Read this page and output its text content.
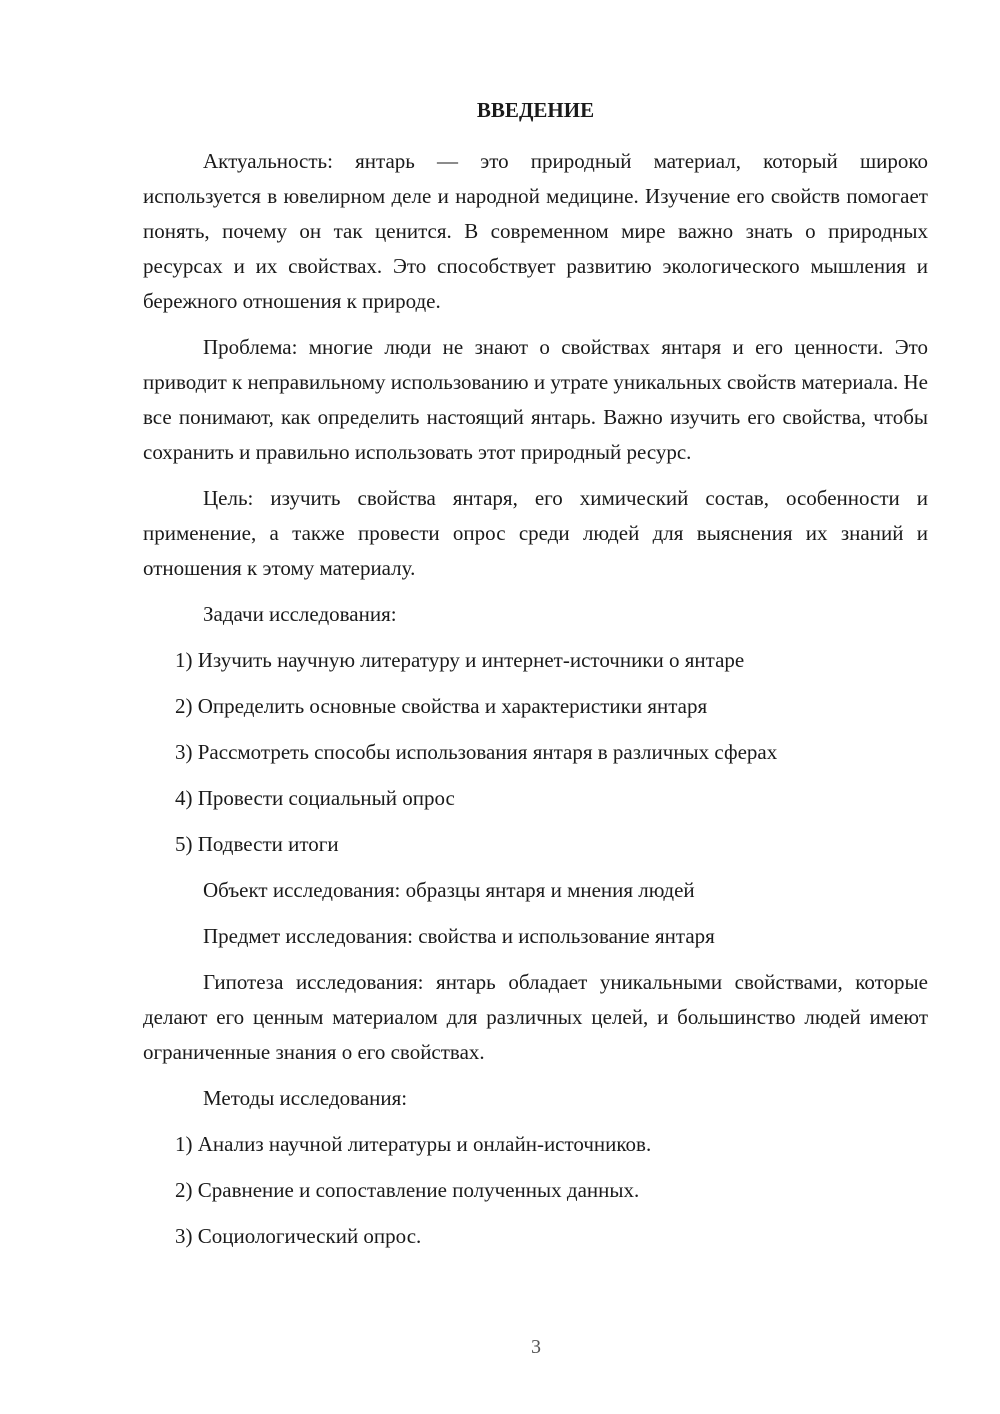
ВВЕДЕНИЕ

Актуальность: янтарь — это природный материал, который широко используется в ювелирном деле и народной медицине. Изучение его свойств помогает понять, почему он так ценится. В современном мире важно знать о природных ресурсах и их свойствах. Это способствует развитию экологического мышления и бережного отношения к природе.

Проблема: многие люди не знают о свойствах янтаря и его ценности. Это приводит к неправильному использованию и утрате уникальных свойств материала. Не все понимают, как определить настоящий янтарь. Важно изучить его свойства, чтобы сохранить и правильно использовать этот природный ресурс.

Цель: изучить свойства янтаря, его химический состав, особенности и применение, а также провести опрос среди людей для выяснения их знаний и отношения к этому материалу.

Задачи исследования:
1) Изучить научную литературу и интернет-источники о янтаре
2) Определить основные свойства и характеристики янтаря
3) Рассмотреть способы использования янтаря в различных сферах
4) Провести социальный опрос
5) Подвести итоги
Объект исследования: образцы янтаря и мнения людей
Предмет исследования: свойства и использование янтаря

Гипотеза исследования: янтарь обладает уникальными свойствами, которые делают его ценным материалом для различных целей, и большинство людей имеют ограниченные знания о его свойствах.

Методы исследования:
1) Анализ научной литературы и онлайн-источников.
2) Сравнение и сопоставление полученных данных.
3) Социологический опрос.
3
